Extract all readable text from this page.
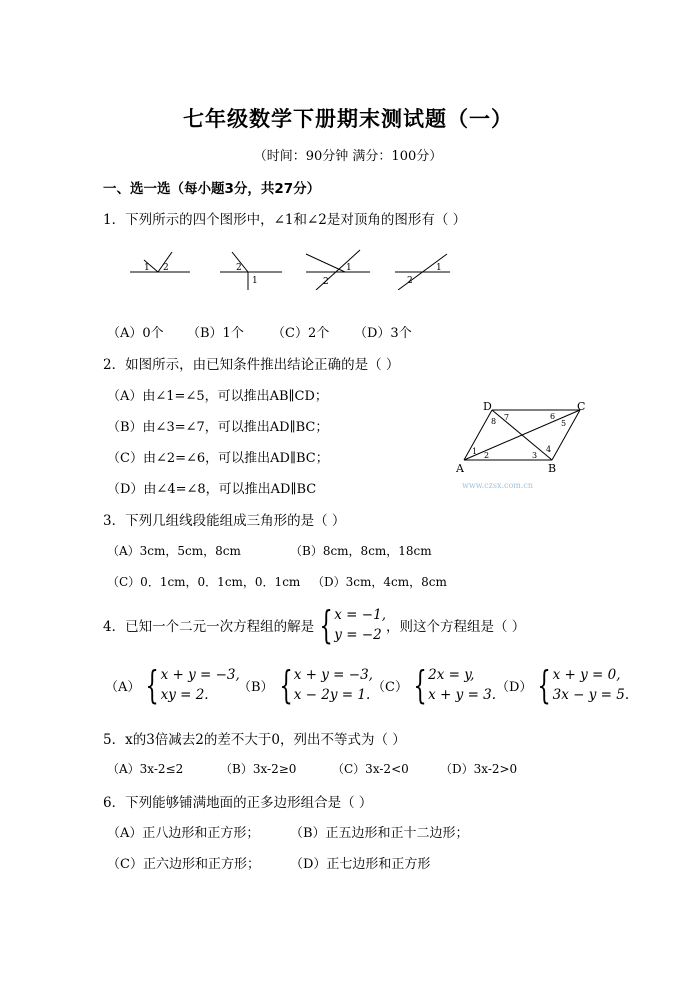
七年级数学下册期末测试题（一）
（时间：90分钟 满分：100分）
一、选一选（每小题3分，共27分）
1．下列所示的四个图形中，∠1和∠2是对顶角的图形有（ ）
1 2	2
1	2
1
2
1
（A）0个 （B）1个 （C）2个 （D）3个
2．如图所示，由已知条件推出结论正确的是（ ）
（A）由∠1=∠5，可以推出AB∥CD；
（B）由∠3=∠7，可以推出AD∥BC；
（C）由∠2=∠6，可以推出AD∥BC；
（D）由∠4=∠8，可以推出AD∥BC
D	C
A	B
8 7	6
5
1 2	3
4
www.czsx.com.cn
3．下列几组线段能组成三角形的是（ ）
（A）3cm，5cm，8cm	（B）8cm，8cm，18cm
（C）0．1cm，0．1cm，0．1cm （D）3cm，4cm，8cm
4．已知一个二元一次方程组的解是 { x = −1,
y = −2 ，则这个方程组是（ ）
（A） { x + y = −3,
xy = 2.	（B） { x + y = −3,
x − 2y = 1. （C） { 2x = y,
x + y = 3. （D） { x + y = 0,
3x − y = 5.
5．x的3倍减去2的差不大于0，列出不等式为（ ）
（A）3x-2≤2	（B）3x-2≥0	（C）3x-2<0	（D）3x-2>0
6．下列能够铺满地面的正多边形组合是（ ）
（A）正八边形和正方形； （B）正五边形和正十二边形；
（C）正六边形和正方形； （D）正七边形和正方形
